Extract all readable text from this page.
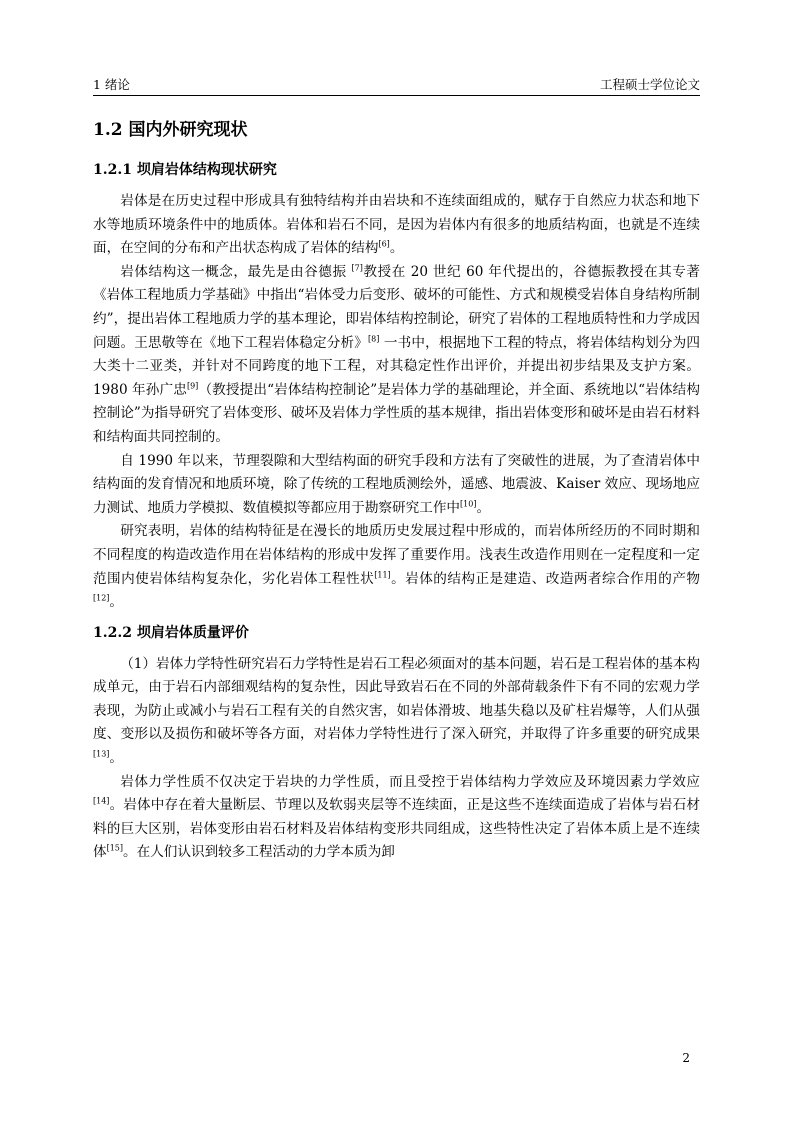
1 绪论	工程硕士学位论文
1.2 国内外研究现状
1.2.1 坝肩岩体结构现状研究

岩体是在历史过程中形成具有独特结构并由岩块和不连续面组成的，赋存于自然应力状态和地下水等地质环境条件中的地质体。岩体和岩石不同，是因为岩体内有很多的地质结构面，也就是不连续面，在空间的分布和产出状态构成了岩体的结构[6]。

岩体结构这一概念，最先是由谷德振 [7]教授在 20 世纪 60 年代提出的，谷德振教授在其专著《岩体工程地质力学基础》中指出“岩体受力后变形、破坏的可能性、方式和规模受岩体自身结构所制约”，提出岩体工程地质力学的基本理论，即岩体结构控制论，研究了岩体的工程地质特性和力学成因问题。王思敬等在《地下工程岩体稳定分析》[8] 一书中，根据地下工程的特点，将岩体结构划分为四大类十二亚类，并针对不同跨度的地下工程，对其稳定性作出评价，并提出初步结果及支护方案。1980 年孙广忠[9]（教授提出“岩体结构控制论”是岩体力学的基础理论，并全面、系统地以“岩体结构控制论”为指导研究了岩体变形、破坏及岩体力学性质的基本规律，指出岩体变形和破坏是由岩石材料和结构面共同控制的。

自 1990 年以来，节理裂隙和大型结构面的研究手段和方法有了突破性的进展，为了查清岩体中结构面的发育情况和地质环境，除了传统的工程地质测绘外，遥感、地震波、Kaiser 效应、现场地应力测试、地质力学模拟、数值模拟等都应用于勘察研究工作中[10]。

研究表明，岩体的结构特征是在漫长的地质历史发展过程中形成的，而岩体所经历的不同时期和不同程度的构造改造作用在岩体结构的形成中发挥了重要作用。浅表生改造作用则在一定程度和一定范围内使岩体结构复杂化，劣化岩体工程性状[11]。岩体的结构正是建造、改造两者综合作用的产物[12]。

1.2.2 坝肩岩体质量评价

（1）岩体力学特性研究岩石力学特性是岩石工程必须面对的基本问题，岩石是工程岩体的基本构成单元，由于岩石内部细观结构的复杂性，因此导致岩石在不同的外部荷载条件下有不同的宏观力学表现，为防止或减小与岩石工程有关的自然灾害，如岩体滑坡、地基失稳以及矿柱岩爆等，人们从强度、变形以及损伤和破坏等各方面，对岩体力学特性进行了深入研究，并取得了许多重要的研究成果[13]。

岩体力学性质不仅决定于岩块的力学性质，而且受控于岩体结构力学效应及环境因素力学效应[14]。岩体中存在着大量断层、节理以及软弱夹层等不连续面，正是这些不连续面造成了岩体与岩石材料的巨大区别，岩体变形由岩石材料及岩体结构变形共同组成，这些特性决定了岩体本质上是不连续体[15]。在人们认识到较多工程活动的力学本质为卸

2
